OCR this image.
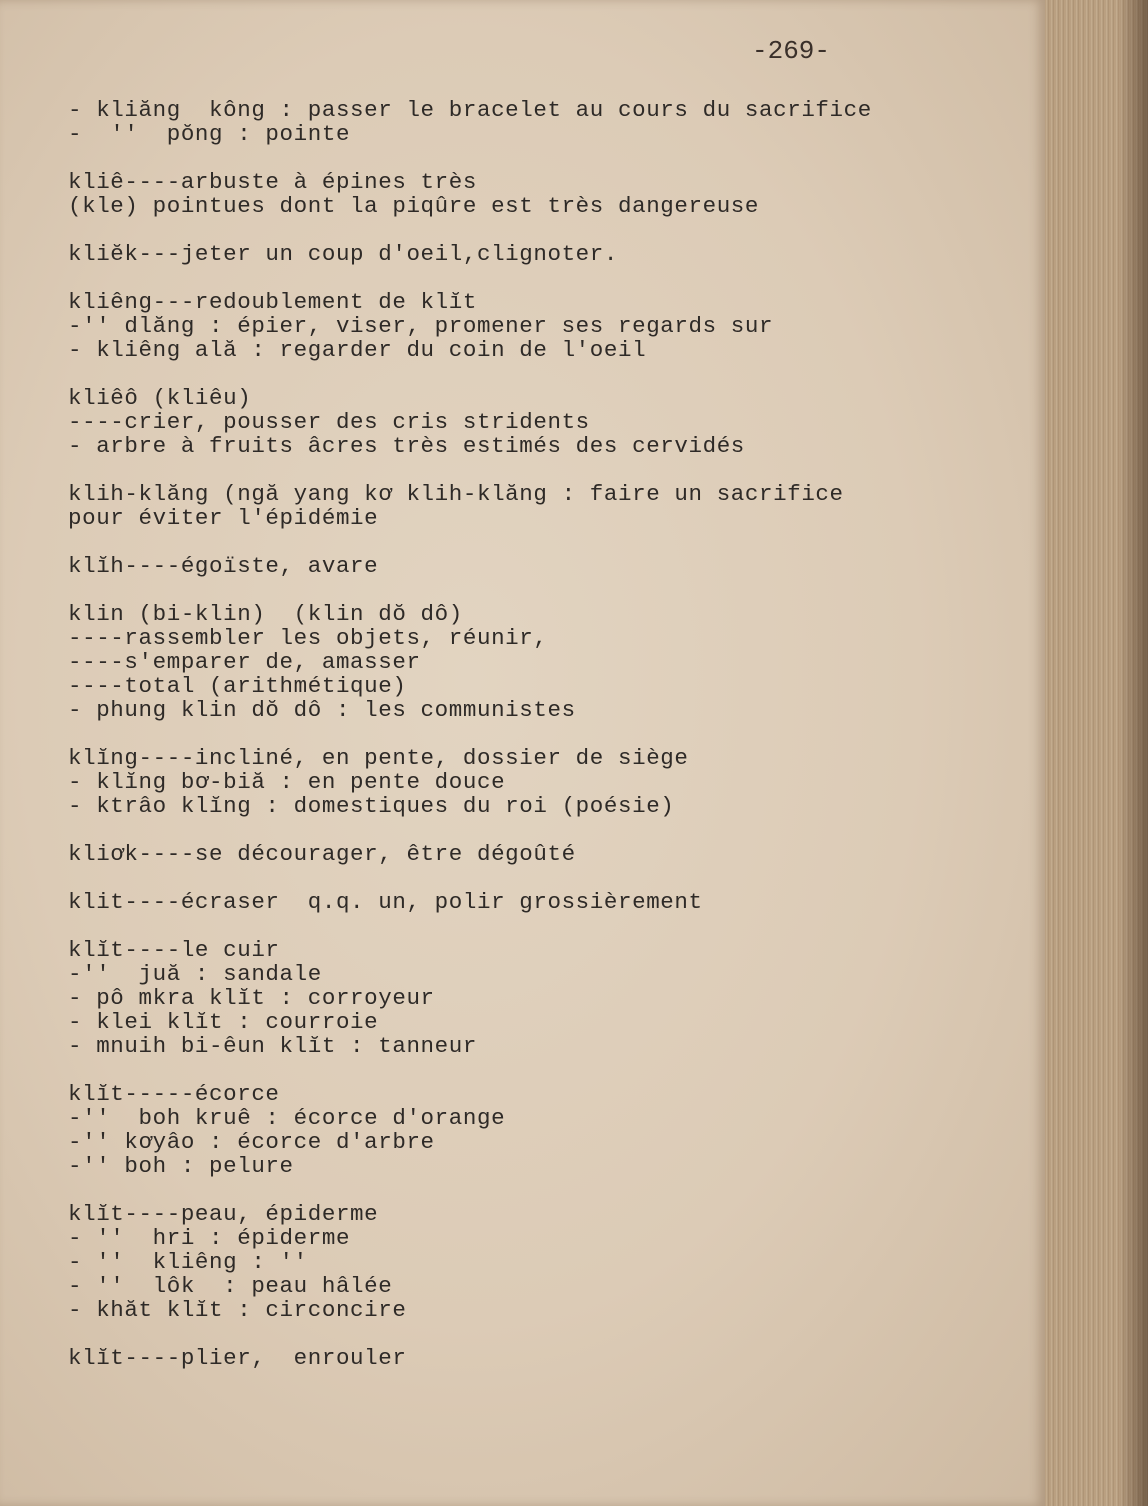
-269-
- kliăng  kông : passer le bracelet au cours du sacrifice
-  ''  pŏng : pointe
kliê----arbuste à épines très
(kle) pointues dont la piqûre est très dangereuse
kliĕk---jeter un coup d'oeil,clignoter.
kliêng---redoublement de klĭt
-'' dlăng : épier, viser, promener ses regards sur
- kliêng ală : regarder du coin de l'oeil
kliêô (kliêu)
----crier, pousser des cris stridents
- arbre à fruits âcres très estimés des cervidés
klih-klăng (ngă yang kơ klih-klăng : faire un sacrifice
pour éviter l'épidémie
klĭh----égoïste, avare
klin (bi-klin)  (klin dŏ dô)
----rassembler les objets, réunir,
----s'emparer de, amasser
----total (arithmétique)
- phung klin dŏ dô : les communistes
klĭng----incliné, en pente, dossier de siège
- klĭng bơ-biă : en pente douce
- ktrâo klĭng : domestiques du roi (poésie)
kliơk----se décourager, être dégoûté
klit----écraser  q.q. un, polir grossièrement
klĭt----le cuir
-''  juă : sandale
- pô mkra klĭt : corroyeur
- klei klĭt : courroie
- mnuih bi-êun klĭt : tanneur
klĭt-----écorce
-''  boh kruê : écorce d'orange
-'' kơyâo : écorce d'arbre
-'' boh : pelure
klĭt----peau, épiderme
- ''  hri : épiderme
- ''  kliêng : ''
- ''  lôk  : peau hâlée
- khăt klĭt : circoncire
klĭt----plier,  enrouler
